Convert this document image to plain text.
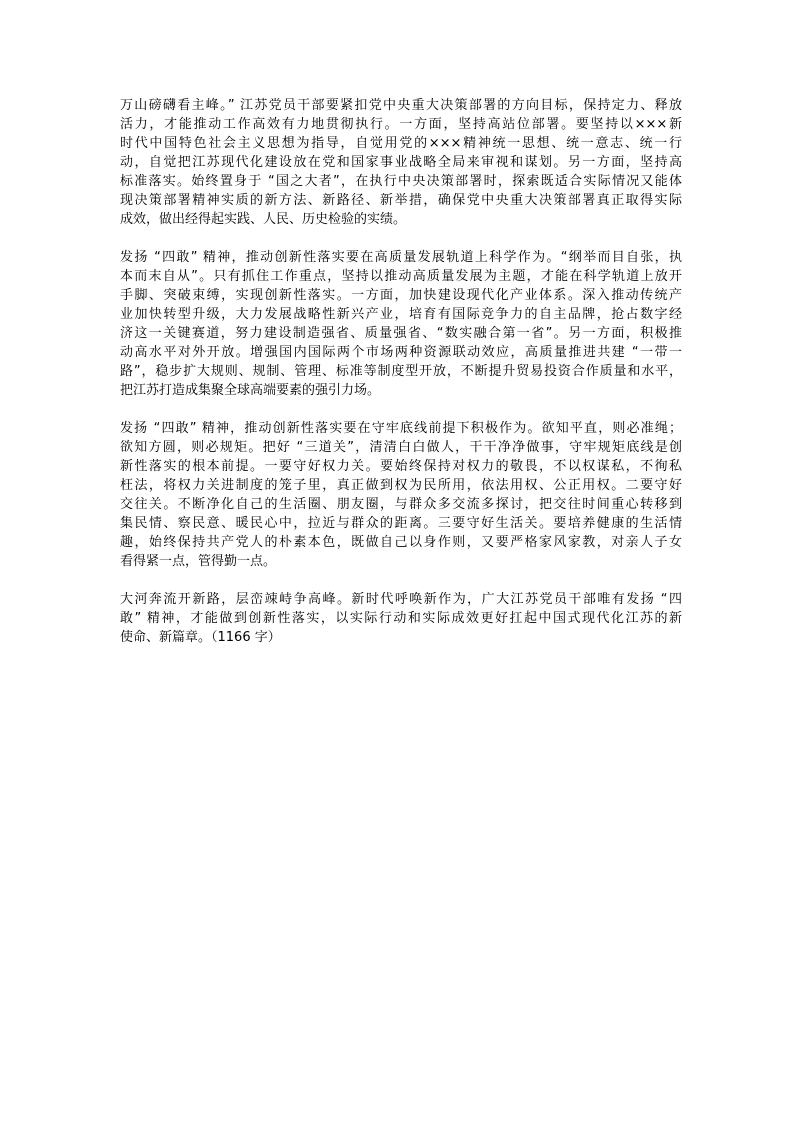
万山磅礴看主峰。” 江苏党员干部要紧扣党中央重大决策部署的方向目标，保持定力、释放
活力，才能推动工作高效有力地贯彻执行。一方面，坚持高站位部署。要坚持以×××新
时代中国特色社会主义思想为指导，自觉用党的×××精神统一思想、统一意志、统一行
动，自觉把江苏现代化建设放在党和国家事业战略全局来审视和谋划。另一方面，坚持高
标准落实。始终置身于 “国之大者”，在执行中央决策部署时，探索既适合实际情况又能体
现决策部署精神实质的新方法、新路径、新举措，确保党中央重大决策部署真正取得实际
成效，做出经得起实践、人民、历史检验的实绩。
发扬 “四敢” 精神，推动创新性落实要在高质量发展轨道上科学作为。“纲举而目自张，执
本而末自从”。只有抓住工作重点，坚持以推动高质量发展为主题，才能在科学轨道上放开
手脚、突破束缚，实现创新性落实。一方面，加快建设现代化产业体系。深入推动传统产
业加快转型升级，大力发展战略性新兴产业，培育有国际竞争力的自主品牌，抢占数字经
济这一关键赛道，努力建设制造强省、质量强省、“数实融合第一省”。另一方面，积极推
动高水平对外开放。增强国内国际两个市场两种资源联动效应，高质量推进共建 “一带一
路”，稳步扩大规则、规制、管理、标准等制度型开放，不断提升贸易投资合作质量和水平，
把江苏打造成集聚全球高端要素的强引力场。
发扬 “四敢” 精神，推动创新性落实要在守牢底线前提下积极作为。欲知平直，则必准绳；
欲知方圆，则必规矩。把好 “三道关”，清清白白做人，干干净净做事，守牢规矩底线是创
新性落实的根本前提。一要守好权力关。要始终保持对权力的敬畏，不以权谋私，不徇私
枉法，将权力关进制度的笼子里，真正做到权为民所用，依法用权、公正用权。二要守好
交往关。不断净化自己的生活圈、朋友圈，与群众多交流多探讨，把交往时间重心转移到
集民情、察民意、暖民心中，拉近与群众的距离。三要守好生活关。要培养健康的生活情
趣，始终保持共产党人的朴素本色，既做自己以身作则，又要严格家风家教，对亲人子女
看得紧一点，管得勤一点。
大河奔流开新路，层峦竦峙争高峰。新时代呼唤新作为，广大江苏党员干部唯有发扬 “四
敢” 精神，才能做到创新性落实，以实际行动和实际成效更好扛起中国式现代化江苏的新
使命、新篇章。（1166 字）
